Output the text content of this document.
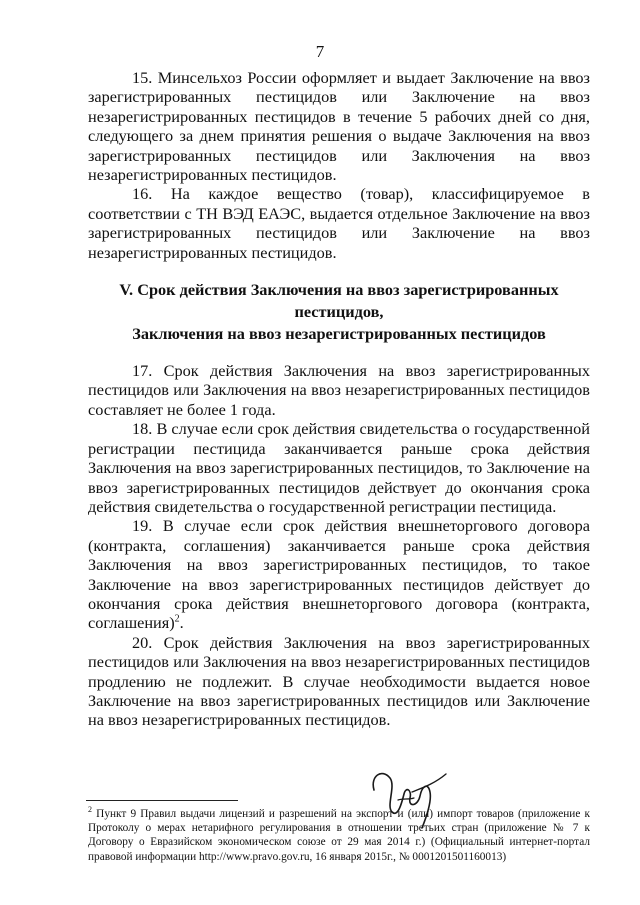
7

15. Минсельхоз России оформляет и выдает Заключение на ввоз зарегистрированных пестицидов или Заключение на ввоз незарегистрированных пестицидов в течение 5 рабочих дней со дня, следующего за днем принятия решения о выдаче Заключения на ввоз зарегистрированных пестицидов или Заключения на ввоз незарегистрированных пестицидов.

16. На каждое вещество (товар), классифицируемое в соответствии с ТН ВЭД ЕАЭС, выдается отдельное Заключение на ввоз зарегистрированных пестицидов или Заключение на ввоз незарегистрированных пестицидов.

V. Срок действия Заключения на ввоз зарегистрированных пестицидов,
Заключения на ввоз незарегистрированных пестицидов

17. Срок действия Заключения на ввоз зарегистрированных пестицидов или Заключения на ввоз незарегистрированных пестицидов составляет не более 1 года.

18. В случае если срок действия свидетельства о государственной регистрации пестицида заканчивается раньше срока действия Заключения на ввоз зарегистрированных пестицидов, то Заключение на ввоз зарегистрированных пестицидов действует до окончания срока действия свидетельства о государственной регистрации пестицида.

19. В случае если срок действия внешнеторгового договора (контракта, соглашения) заканчивается раньше срока действия Заключения на ввоз зарегистрированных пестицидов, то такое Заключение на ввоз зарегистрированных пестицидов действует до окончания срока действия внешнеторгового договора (контракта, соглашения)$^2$.

20. Срок действия Заключения на ввоз зарегистрированных пестицидов или Заключения на ввоз незарегистрированных пестицидов продлению не подлежит. В случае необходимости выдается новое Заключение на ввоз зарегистрированных пестицидов или Заключение на ввоз незарегистрированных пестицидов.

$^2$ Пункт 9 Правил выдачи лицензий и разрешений на экспорт и (или) импорт товаров (приложение к Протоколу о мерах нетарифного регулирования в отношении третьих стран (приложение № 7 к Договору о Евразийском экономическом союзе от 29 мая 2014 г.) (Официальный интернет-портал правовой информации http://www.pravo.gov.ru, 16 января 2015г., № 0001201501160013)
